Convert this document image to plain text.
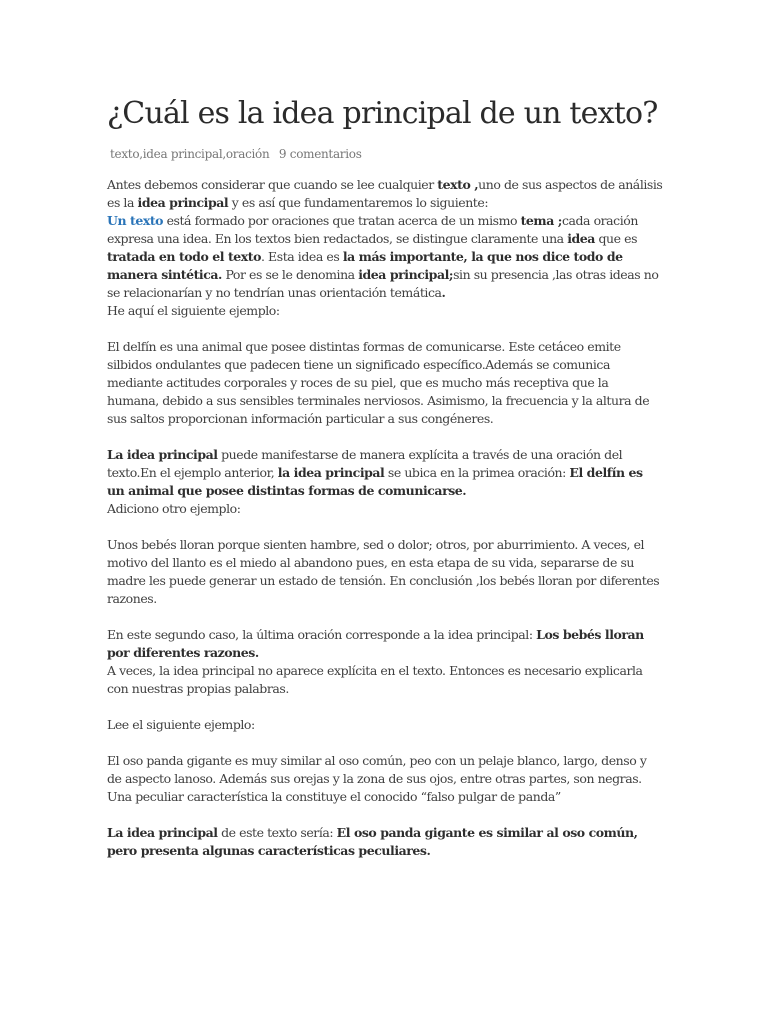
¿Cuál es la idea principal de un texto?
texto,idea principal,oración 9 comentarios

Antes debemos considerar que cuando se lee cualquier texto ,uno de sus aspectos de análisis es la idea principal y es así que fundamentaremos lo siguiente:

Un texto está formado por oraciones que tratan acerca de un mismo tema ;cada oración expresa una idea. En los textos bien redactados, se distingue claramente una idea que es tratada en todo el texto. Esta idea es la más importante, la que nos dice todo de manera sintética. Por es se le denomina idea principal;sin su presencia ,las otras ideas no se relacionarían y no tendrían unas orientación temática.

He aquí el siguiente ejemplo:

El delfín es una animal que posee distintas formas de comunicarse. Este cetáceo emite silbidos ondulantes que padecen tiene un significado específico.Además se comunica mediante actitudes corporales y roces de su piel, que es mucho más receptiva que la humana, debido a sus sensibles terminales nerviosos. Asimismo, la frecuencia y la altura de sus saltos proporcionan información particular a sus congéneres.

La idea principal puede manifestarse de manera explícita a través de una oración del texto.En el ejemplo anterior, la idea principal se ubica en la primea oración: El delfín es un animal que posee distintas formas de comunicarse.

Adiciono otro ejemplo:

Unos bebés lloran porque sienten hambre, sed o dolor; otros, por aburrimiento. A veces, el motivo del llanto es el miedo al abandono pues, en esta etapa de su vida, separarse de su madre les puede generar un estado de tensión. En conclusión ,los bebés lloran por diferentes razones.

En este segundo caso, la última oración corresponde a la idea principal: Los bebés lloran por diferentes razones.

A veces, la idea principal no aparece explícita en el texto. Entonces es necesario explicarla con nuestras propias palabras.

Lee el siguiente ejemplo:

El oso panda gigante es muy similar al oso común, peo con un pelaje blanco, largo, denso y de aspecto lanoso. Además sus orejas y la zona de sus ojos, entre otras partes, son negras. Una peculiar característica la constituye el conocido “falso pulgar de panda”

La idea principal de este texto sería: El oso panda gigante es similar al oso común, pero presenta algunas características peculiares.
